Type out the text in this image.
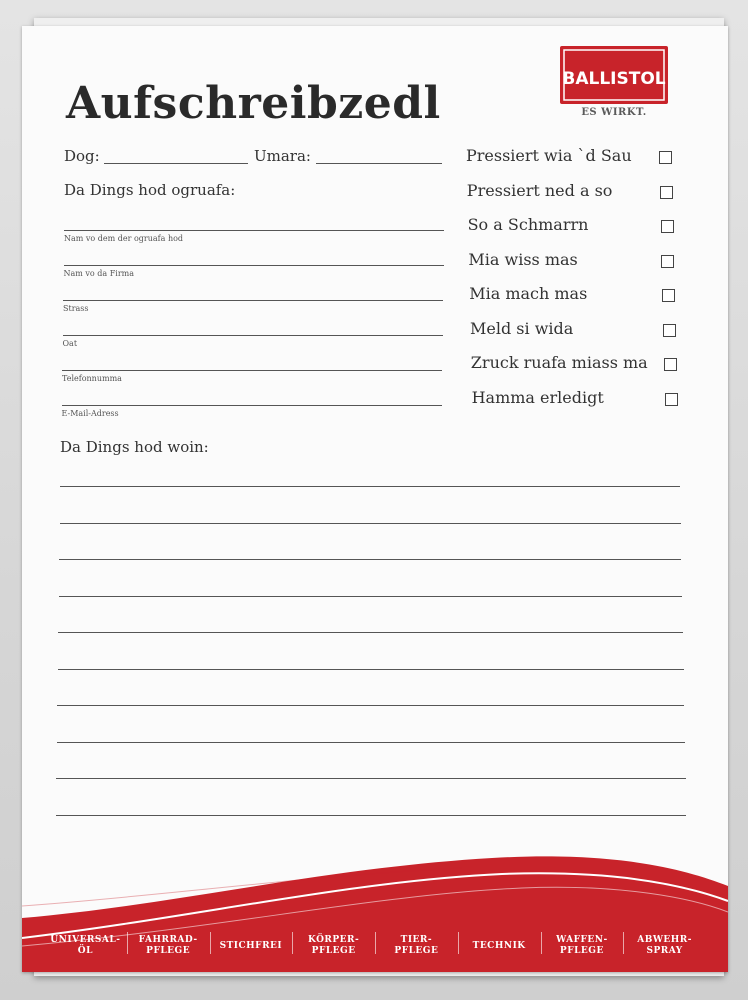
Aufschreibzedl	BALLISTOL
ES WIRKT.
Dog:	Umara:
Da Dings hod ogruafa:
Nam vo dem der ogruafa hod
Nam vo da Firma
Strass
Oat
Telefonnumma
E-Mail-Adress
Da Dings hod woin:
Pressiert wia `d Sau
Pressiert ned a so
So a Schmarrn
Mia wiss mas
Mia mach mas
Meld si wida
Zruck ruafa miass ma
Hamma erledigt
UNIVERSAL-
ÖL
FAHRRAD-
PFLEGE
STICHFREI
KÖRPER-
PFLEGE
TIER-
PFLEGE
TECHNIK
WAFFEN-
PFLEGE
ABWEHR-
SPRAY
